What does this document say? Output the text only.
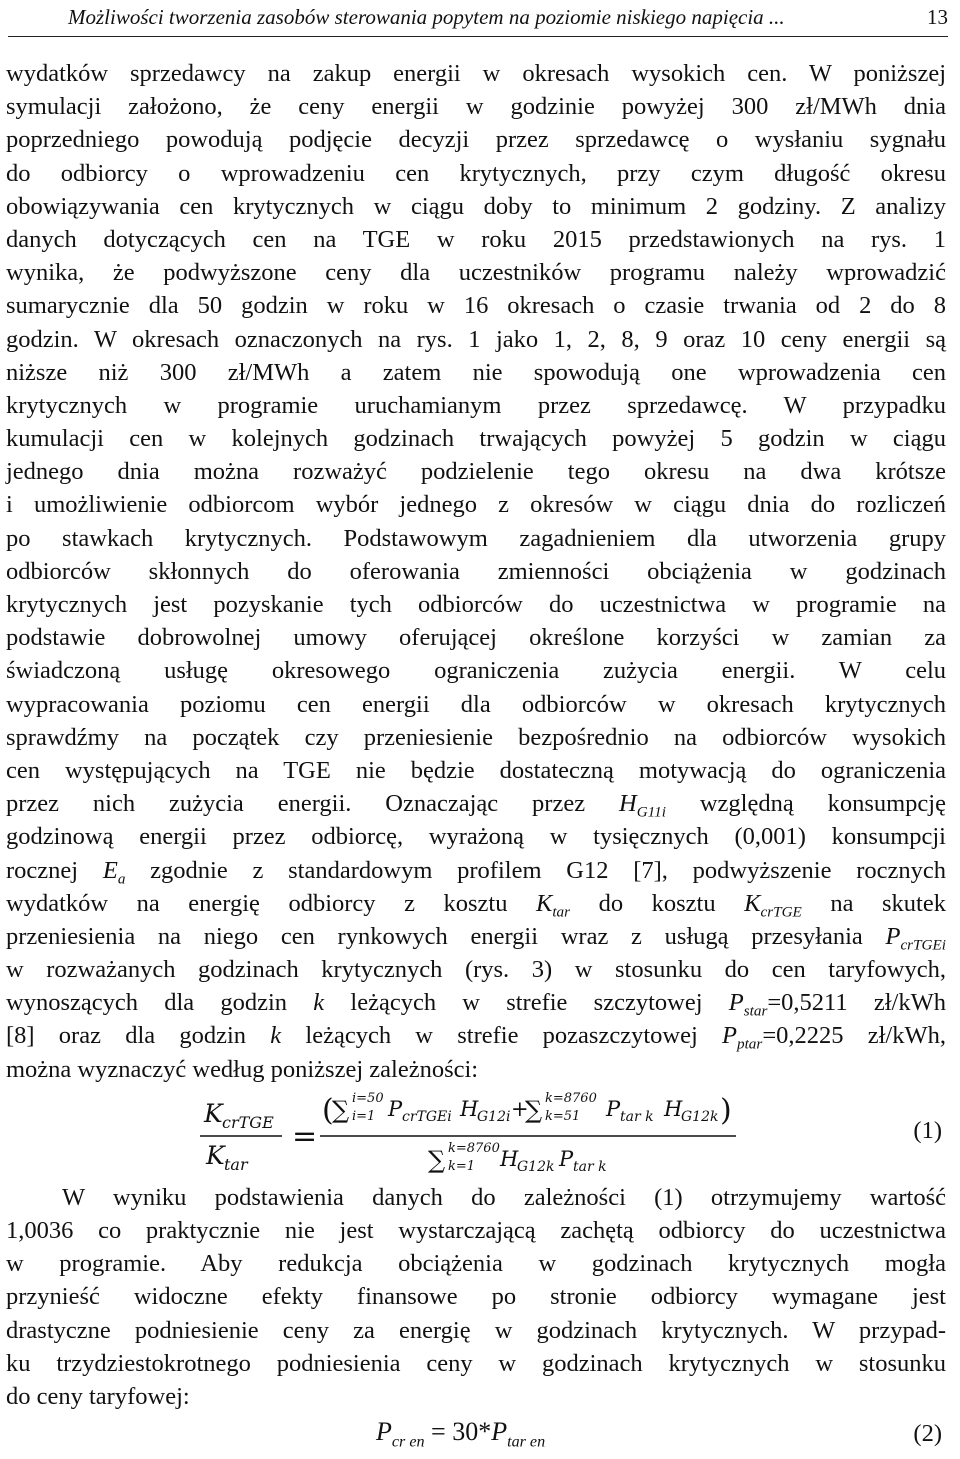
Możliwości tworzenia zasobów sterowania popytem na poziomie niskiego napięcia ...	13
wydatków sprzedawcy na zakup energii w okresach wysokich cen. W poniższej
symulacji założono, że ceny energii w godzinie powyżej 300 zł/MWh dnia
poprzedniego powodują podjęcie decyzji przez sprzedawcę o wysłaniu sygnału
do odbiorcy o wprowadzeniu cen krytycznych, przy czym długość okresu
obowiązywania cen krytycznych w ciągu doby to minimum 2 godziny. Z analizy
danych dotyczących cen na TGE w roku 2015 przedstawionych na rys. 1
wynika, że podwyższone ceny dla uczestników programu należy wprowadzić
sumarycznie dla 50 godzin w roku w 16 okresach o czasie trwania od 2 do 8
godzin. W okresach oznaczonych na rys. 1 jako 1, 2, 8, 9 oraz 10 ceny energii są
niższe niż 300 zł/MWh a zatem nie spowodują one wprowadzenia cen
krytycznych w programie uruchamianym przez sprzedawcę. W przypadku
kumulacji cen w kolejnych godzinach trwających powyżej 5 godzin w ciągu
jednego dnia można rozważyć podzielenie tego okresu na dwa krótsze
i umożliwienie odbiorcom wybór jednego z okresów w ciągu dnia do rozliczeń
po stawkach krytycznych. Podstawowym zagadnieniem dla utworzenia grupy
odbiorców skłonnych do oferowania zmienności obciążenia w godzinach
krytycznych jest pozyskanie tych odbiorców do uczestnictwa w programie na
podstawie dobrowolnej umowy oferującej określone korzyści w zamian za
świadczoną usługę okresowego ograniczenia zużycia energii. W celu
wypracowania poziomu cen energii dla odbiorców w okresach krytycznych
sprawdźmy na początek czy przeniesienie bezpośrednio na odbiorców wysokich
cen występujących na TGE nie będzie dostateczną motywacją do ograniczenia
przez nich zużycia energii. Oznaczając przez $H_{G11i}$ względną konsumpcję
godzinową energii przez odbiorcę, wyrażoną w tysięcznych (0,001) konsumpcji
rocznej $E_a$ zgodnie z standardowym profilem G12 [7], podwyższenie rocznych
wydatków na energię odbiorcy z kosztu $K_{tar}$ do kosztu $K_{crTGE}$ na skutek
przeniesienia na niego cen rynkowych energii wraz z usługą przesyłania $P_{crTGEi}$
w rozważanych godzinach krytycznych (rys. 3) w stosunku do cen taryfowych,
wynoszących dla godzin k leżących w strefie szczytowej $P_{star}=0,5211$ zł/kWh
[8] oraz dla godzin k leżących w strefie pozaszczytowej $P_{ptar}=0,2225$ zł/kWh,
można wyznaczyć według poniższej zależności:
K crTGE
K tar
=
(
∑ i=50
i=1 P crTGEi H
G12i +
∑ k=8760
k=51 P tar k H
G12k )
∑ k=8760
k=1 H
G12k P tar k
(1)
W wyniku podstawienia danych do zależności (1) otrzymujemy wartość
1,0036 co praktycznie nie jest wystarczającą zachętą odbiorcy do uczestnictwa
w programie. Aby redukcja obciążenia w godzinach krytycznych mogła
przynieść widoczne efekty finansowe po stronie odbiorcy wymagane jest
drastyczne podniesienie ceny za energię w godzinach krytycznych. W przypad-
ku trzydziestokrotnego podniesienia ceny w godzinach krytycznych w stosunku
do ceny taryfowej:
$P_{cr en} = 30*P_{tar en}$	(2)
